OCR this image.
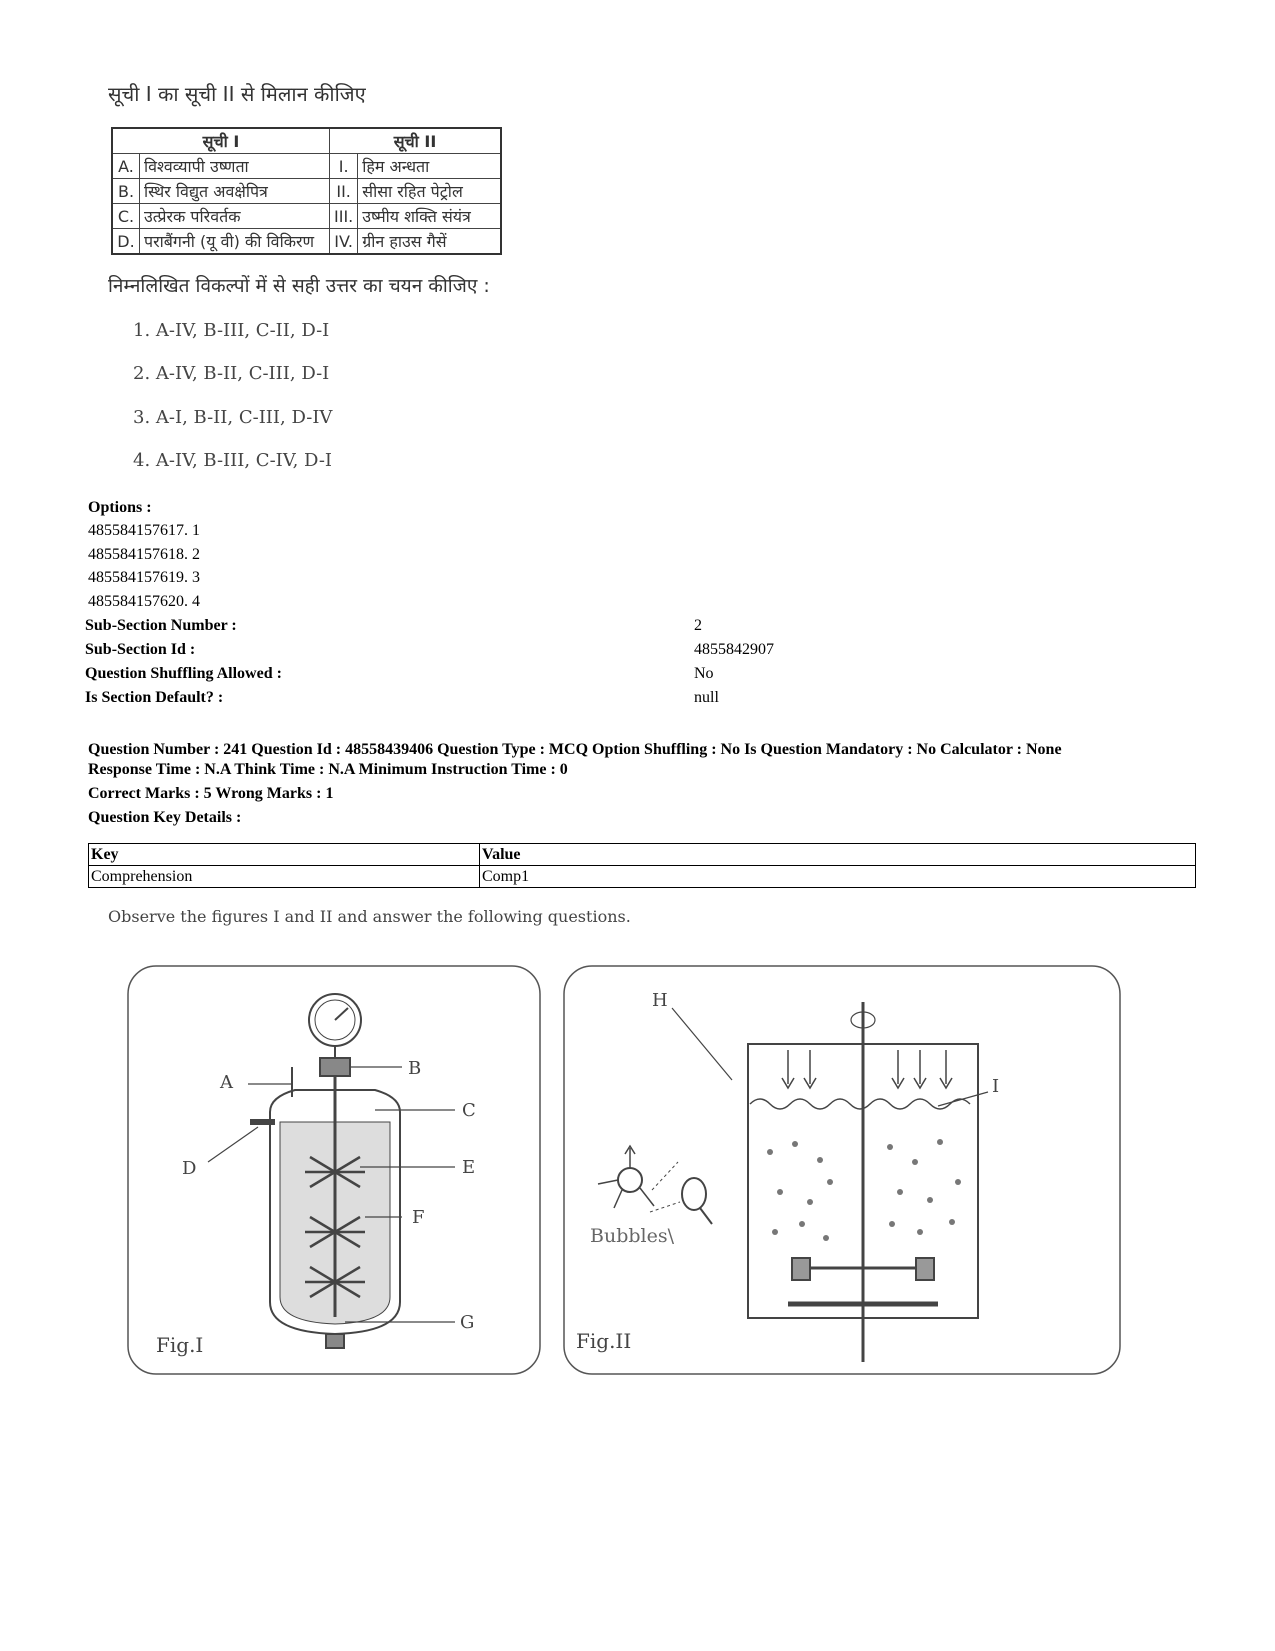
सूची I का सूची II से मिलान कीजिए
सूची I		सूची II	
A.	विश्वव्यापी उष्णता	I.	हिम अन्धता
B.	स्थिर विद्युत अवक्षेपित्र	II.	सीसा रहित पेट्रोल
C.	उत्प्रेरक परिवर्तक	III.	उष्मीय शक्ति संयंत्र
D.	पराबैंगनी (यू वी) की विकिरण	IV.	ग्रीन हाउस गैसें
निम्नलिखित विकल्पों में से सही उत्तर का चयन कीजिए :
1. A-IV, B-III, C-II, D-I
2. A-IV, B-II, C-III, D-I
3. A-I, B-II, C-III, D-IV
4. A-IV, B-III, C-IV, D-I
Options :
485584157617. 1
485584157618. 2
485584157619. 3
485584157620. 4
Sub-Section Number :	2
Sub-Section Id :	4855842907
Question Shuffling Allowed :	No
Is Section Default? :	null
Question Number : 241 Question Id : 48558439406 Question Type : MCQ Option Shuffling : No Is Question Mandatory : No Calculator : None
Response Time : N.A Think Time : N.A Minimum Instruction Time : 0
Correct Marks : 5 Wrong Marks : 1
Question Key Details :
Key	Value
Comprehension	Comp1
Observe the figures I and II and answer the following questions.
A
B
C
D	E
F
G
Fig.I
H
I
Bubbles\
Fig.II
